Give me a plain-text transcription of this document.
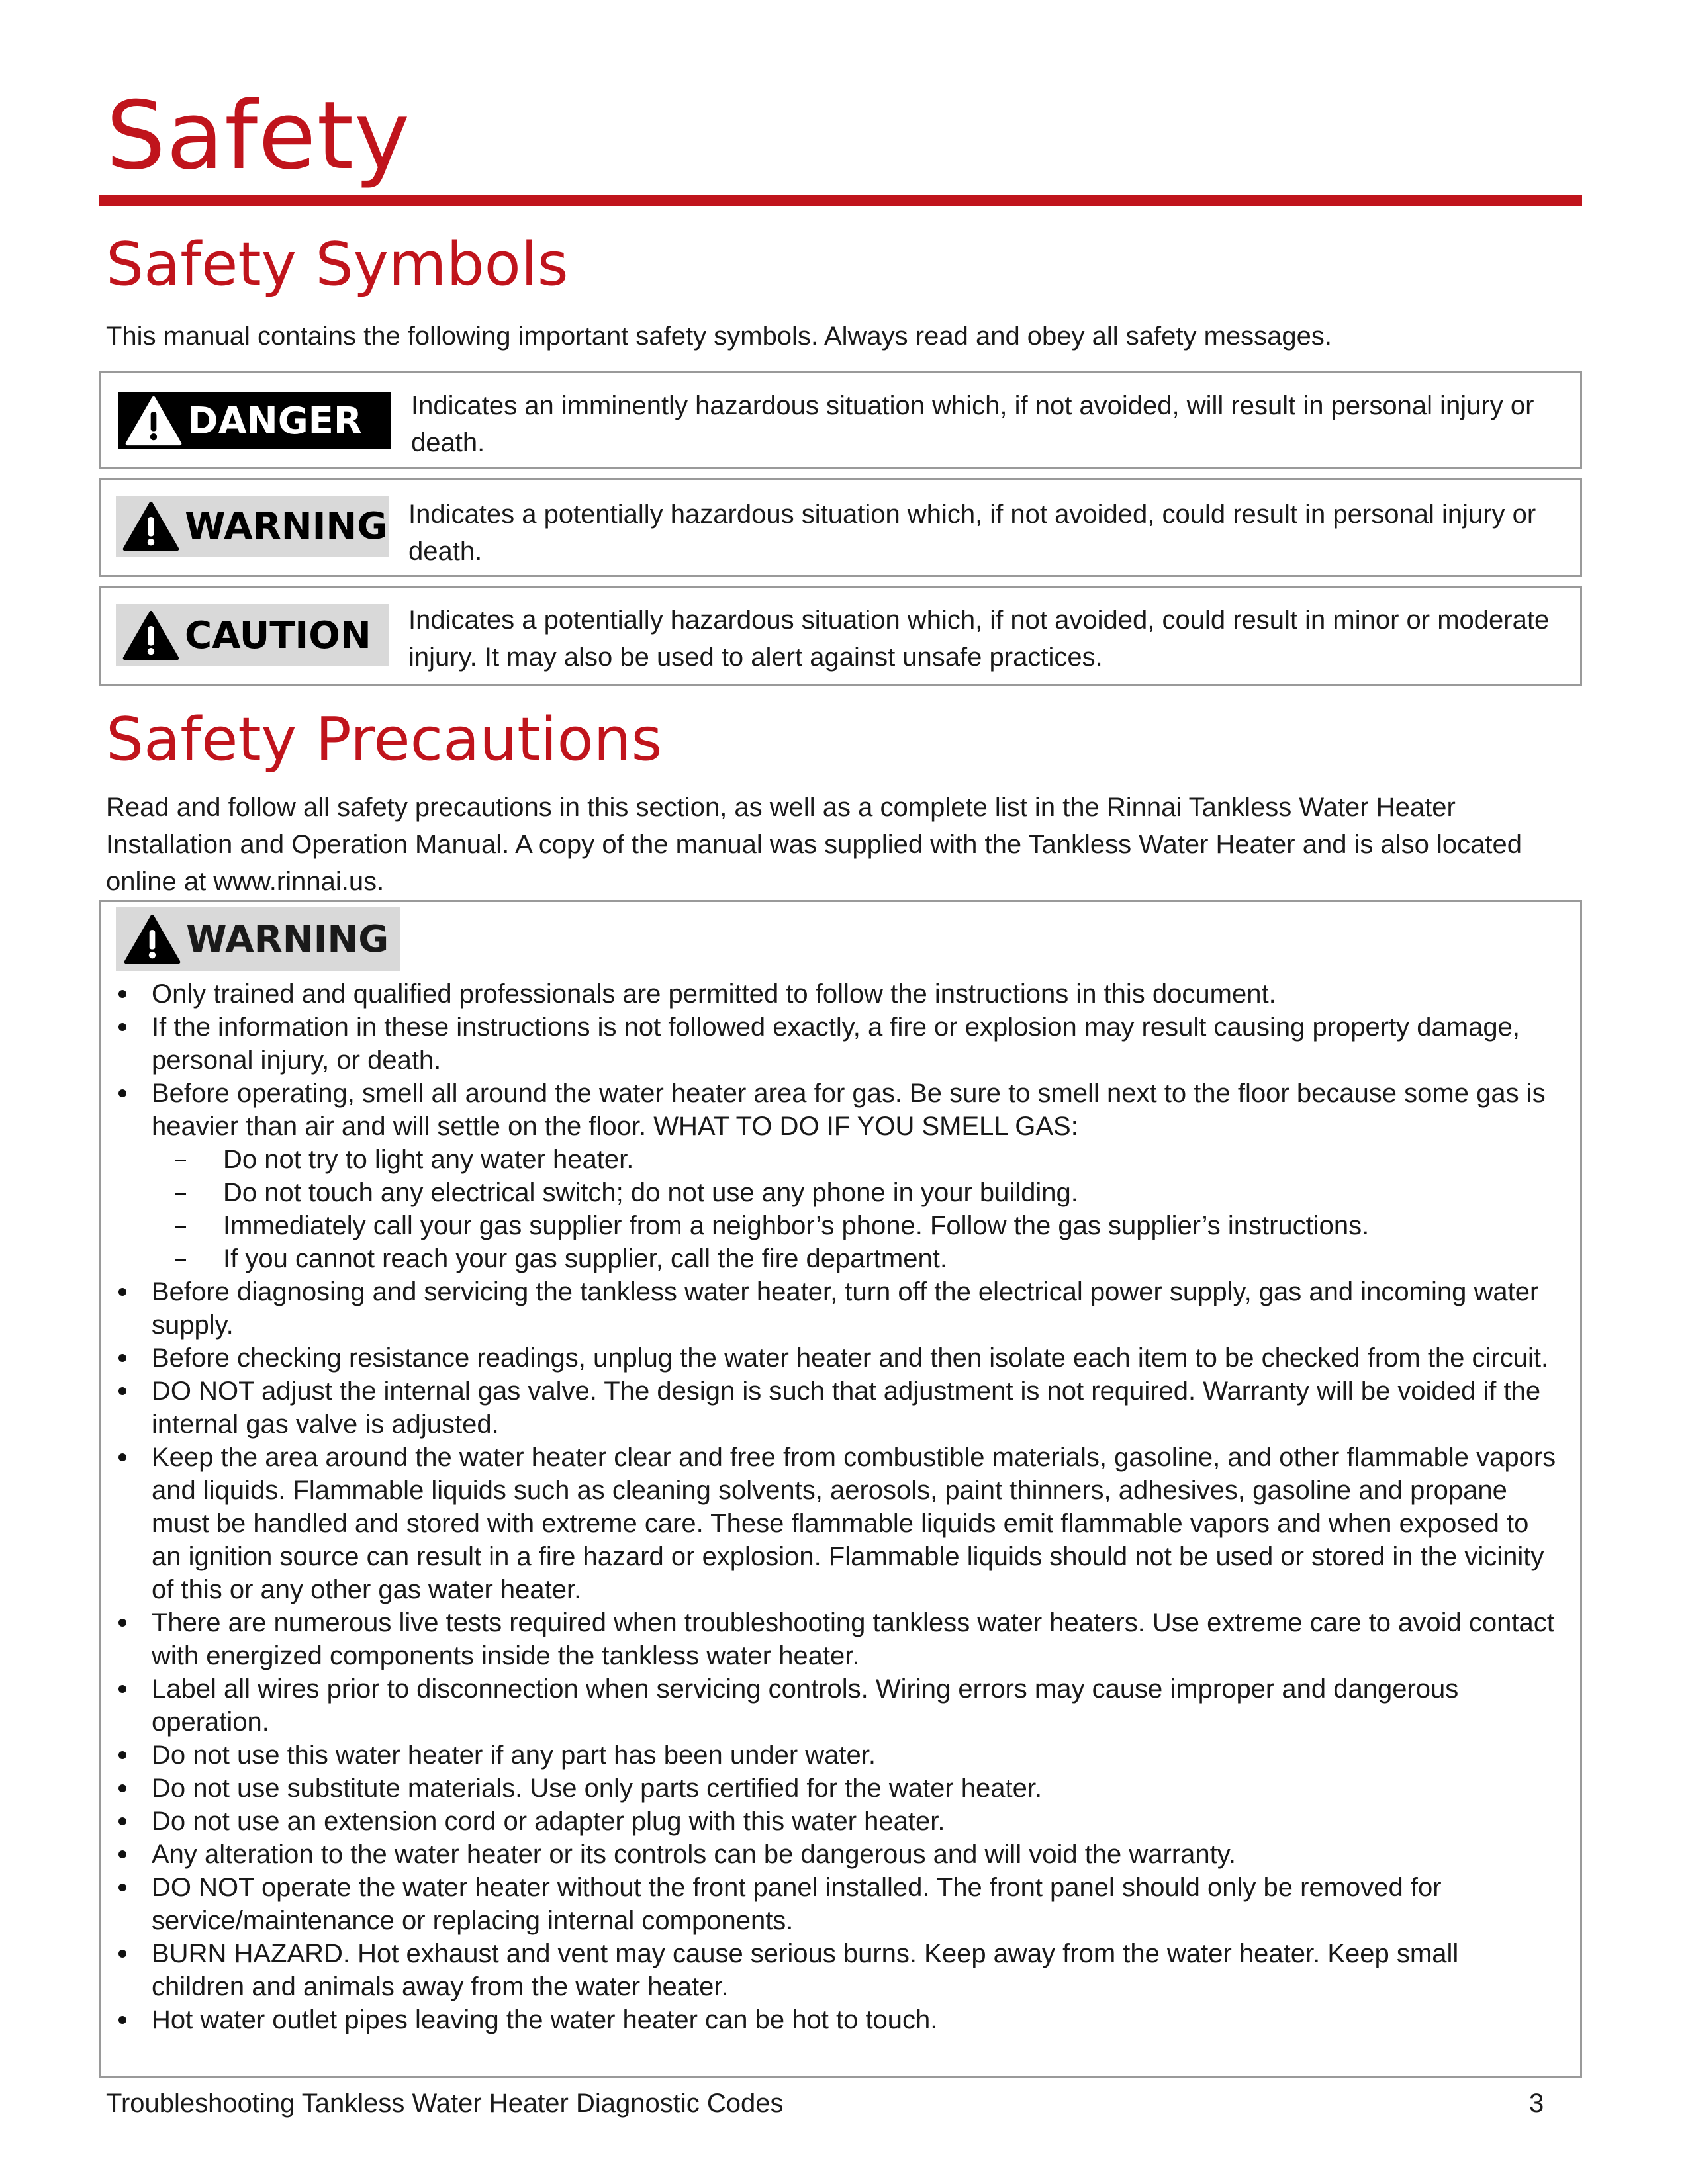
Safety
Safety Symbols

This manual contains the following important safety symbols. Always read and obey all safety messages.

DANGER Indicates an imminently hazardous situation which, if not avoided, will result in personal injury or death.
WARNING Indicates a potentially hazardous situation which, if not avoided, could result in personal injury or death.
CAUTION Indicates a potentially hazardous situation which, if not avoided, could result in minor or moderate injury. It may also be used to alert against unsafe practices.
Safety Precautions

Read and follow all safety precautions in this section, as well as a complete list in the Rinnai Tankless Water Heater Installation and Operation Manual. A copy of the manual was supplied with the Tankless Water Heater and is also located online at www.rinnai.us.

WARNING
Only trained and qualified professionals are permitted to follow the instructions in this document.
If the information in these instructions is not followed exactly, a fire or explosion may result causing property damage, personal injury, or death.
Before operating, smell all around the water heater area for gas. Be sure to smell next to the floor because some gas is heavier than air and will settle on the floor. WHAT TO DO IF YOU SMELL GAS:
Do not try to light any water heater.
Do not touch any electrical switch; do not use any phone in your building.
Immediately call your gas supplier from a neighbor’s phone. Follow the gas supplier’s instructions.
If you cannot reach your gas supplier, call the fire department.
Before diagnosing and servicing the tankless water heater, turn off the electrical power supply, gas and incoming water supply.
Before checking resistance readings, unplug the water heater and then isolate each item to be checked from the circuit.
DO NOT adjust the internal gas valve. The design is such that adjustment is not required. Warranty will be voided if the internal gas valve is adjusted.
Keep the area around the water heater clear and free from combustible materials, gasoline, and other flammable vapors and liquids. Flammable liquids such as cleaning solvents, aerosols, paint thinners, adhesives, gasoline and propane must be handled and stored with extreme care. These flammable liquids emit flammable vapors and when exposed to an ignition source can result in a fire hazard or explosion. Flammable liquids should not be used or stored in the vicinity of this or any other gas water heater.
There are numerous live tests required when troubleshooting tankless water heaters. Use extreme care to avoid contact with energized components inside the tankless water heater.
Label all wires prior to disconnection when servicing controls. Wiring errors may cause improper and dangerous operation.
Do not use this water heater if any part has been under water.
Do not use substitute materials. Use only parts certified for the water heater.
Do not use an extension cord or adapter plug with this water heater.
Any alteration to the water heater or its controls can be dangerous and will void the warranty.
DO NOT operate the water heater without the front panel installed. The front panel should only be removed for service/maintenance or replacing internal components.
BURN HAZARD. Hot exhaust and vent may cause serious burns. Keep away from the water heater. Keep small children and animals away from the water heater.
Hot water outlet pipes leaving the water heater can be hot to touch.
Troubleshooting Tankless Water Heater Diagnostic Codes	3
